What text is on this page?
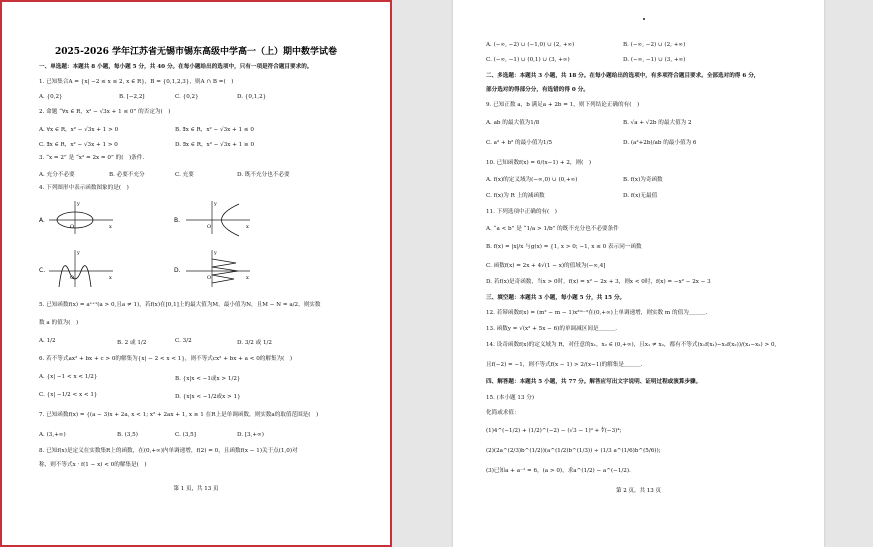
2025-2026 学年江苏省无锡市锡东高级中学高一（上）期中数学试卷
一、单选题：本题共 8 小题，每小题 5 分，共 40 分。在每小题给出的选项中，只有一项是符合题目要求的。
1. 已知集合A = {x| −2 ≤ x ≤ 2, x ∈ R}，B = {0,1,2,3}，则A ∩ B =(　)
A. {0,2}	B. [−2,2]	C. {0,2}	D. {0,1,2}
2. 命题 “∀x ∈ R，x² − √3x + 1 ≤ 0” 的否定为(　)
A. ∀x ∈ R，x² − √3x + 1 > 0	B. ∃x ∈ R，x² − √3x + 1 ≤ 0
C. ∃x ∈ R，x² − √3x + 1 > 0	D. ∃x ∈ R，x² − √3x + 1 ≥ 0
3. “x = 2” 是 “x² = 2x = 0” 的(　)条件.
A. 充分不必要	B. 必要不充分	C. 充要	D. 既不充分也不必要
4. 下列图形中表示函数图象的是(　)
A.
O	x
y
B.
O	x
y
C.
O	x
y
D.
O	x
y
5. 已知函数f(x) = aˣ⁺¹(a > 0,且a ≠ 1)，若f(x)在[0,1]上的最大值为M，最小值为N，且M − N = a/2，则实数
数 a 的值为(　)
A. 1/2	B. 2 或 1/2	C. 3/2	D. 3/2 或 1/2
6. 若不等式ax² + bx + c > 0的解集为{x| − 2 < x < 1}，则不等式cx² + bx + a < 0的解集为(　)
A. {x| −1 < x < 1/2}	B. {x|x < −1或x > 1/2}
C. {x| −1/2 < x < 1}	D. {x|x < −1/2或x > 1}
7. 已知函数f(x) = {(a − 3)x + 2a, x < 1; x² + 2ax + 1, x ≥ 1 在R上是单调函数，则实数a的取值范围是(　)
A. (3,+∞)	B. (3,5)	C. (3,5]	D. [3,+∞)
8. 已知f(x)是定义在实数集R上的函数，在(0,+∞)内单调递增，f(2) = 0，且函数f(x − 1)关于点(1,0)对
称，则不等式x · f(1 − x) < 0的解集是(　)
第 1 页，共 13 页
A. (−∞, −2) ∪ (−1,0) ∪ (2, +∞)	B. (−∞, −2) ∪ (2, +∞)
C. (−∞, −1) ∪ (0,1) ∪ (3, +∞)	D. (−∞, −1) ∪ (3, +∞)
二、多选题：本题共 3 小题，共 18 分。在每小题给出的选项中，有多项符合题目要求。全部选对的得 6 分，
部分选对的得部分分，有选错的得 0 分。
9. 已知正数 a，b 满足a + 2b = 1，则下列结论正确的有(　)
A. ab 的最大值为1/8	B. √a + √2b 的最大值为 2
C. a² + b² 的最小值为1/5	D. (a²+2b)/ab 的最小值为 6
10. 已知函数f(x) = 6/(x−1) + 2，则(　)
A. f(x)的定义域为(−∞,0) ∪ (0,+∞)	B. f(x)为奇函数
C. f(x)为 R 上的减函数	D. f(x)无最值
11. 下列选项中正确的有(　)
A. “a < b” 是 “1/a > 1/b” 的既不充分也不必要条件
B. f(x) = |x|/x 与g(x) = {1, x > 0; −1, x ≤ 0 表示同一函数
C. 函数f(x) = 2x + 4√(1 − x)的值域为(−∞,4]
D. 若f(x)是奇函数，当x > 0时，f(x) = x² − 2x + 3，则x < 0时，f(x) = −x² − 2x − 3
三、填空题：本题共 3 小题，每小题 5 分，共 15 分。
12. 若幂函数f(x) = (m² − m − 1)x²ᵐ⁻³在(0,+∞)上单调递增，则实数 m 的值为＿＿＿.
13. 函数y = √(x² + 5x − 6)的单调减区间是＿＿＿.
14. 设奇函数f(x)的定义域为 R，对任意的x₁，x₂ ∈ (0,+∞)，且x₁ ≠ x₂，都有不等式(x₁f(x₁)−x₂f(x₂))/(x₁−x₂) > 0,
且f(−2) = −1，则不等式f(x − 1) > 2/(x−1)的解集是＿＿＿.
四、解答题：本题共 5 小题，共 77 分。解答应写出文字说明、证明过程或演算步骤。
15. (本小题 13 分)
化简或求值：
(1)4^(−1/2) + (1/2)^(−2) − (√3 − 1)⁰ + ∜(−3)⁴;
(2)(2a^(2/3)b^(1/2))(a^(1/2)b^(1/3)) ÷ (1/3 a^(1/6)b^(5/6));
(3)已知a + a⁻¹ = 6，(a > 0)，求a^(1/2) − a^(−1/2).
第 2 页，共 13 页
